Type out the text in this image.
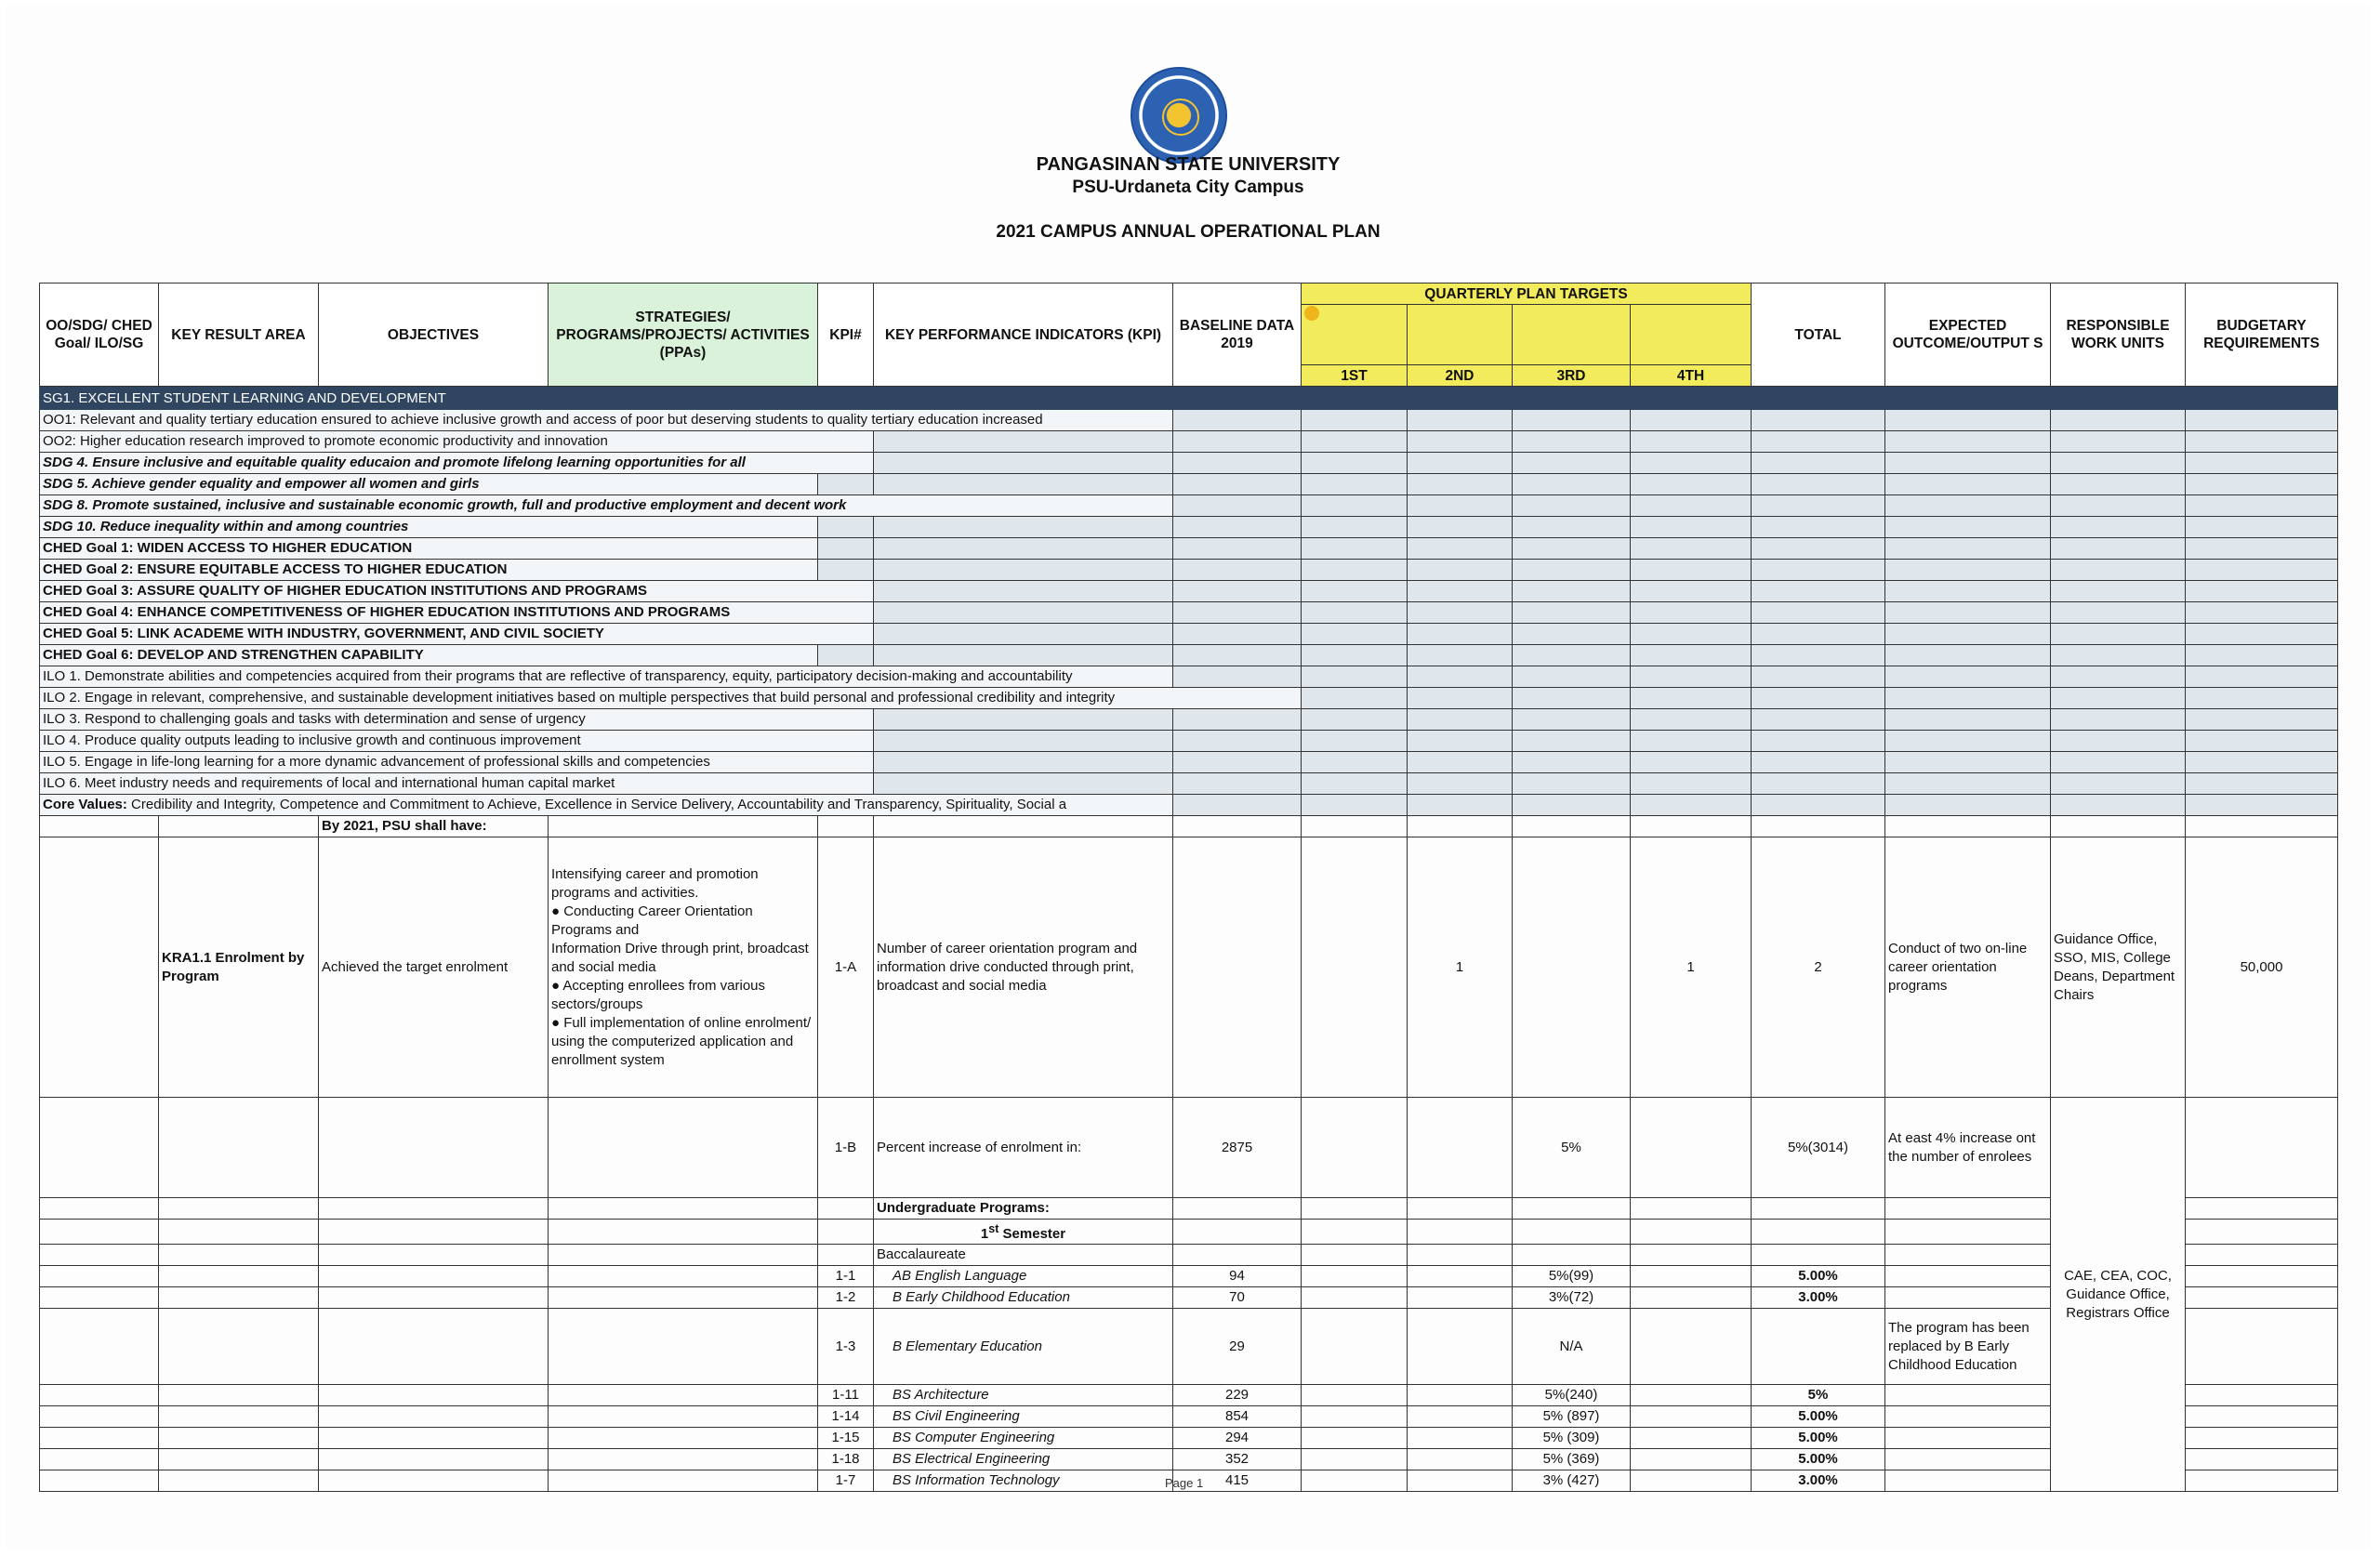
PANGASINAN STATE UNIVERSITY
PSU-Urdaneta City Campus
2021 CAMPUS ANNUAL OPERATIONAL PLAN
OO/SDG/ CHED Goal/ ILO/SG	KEY RESULT AREA	OBJECTIVES	STRATEGIES/ PROGRAMS/PROJECTS/ ACTIVITIES (PPAs)	KPI#	KEY PERFORMANCE INDICATORS (KPI)	BASELINE DATA 2019	QUARTERLY PLAN TARGETS				TOTAL	EXPECTED OUTCOME/OUTPUT S	RESPONSIBLE WORK UNITS	BUDGETARY REQUIREMENTS

							1ST	2ND	3RD	4TH				
SG1. EXCELLENT STUDENT LEARNING AND DEVELOPMENT														
OO1: Relevant and quality tertiary education ensured to achieve inclusive growth and access of poor but deserving students to quality tertiary education increased														
OO2: Higher education research improved to promote economic productivity and innovation														
SDG 4. Ensure inclusive and equitable quality educaion and promote lifelong learning opportunities for all														
SDG 5. Achieve gender equality and empower all women and girls														
SDG 8. Promote sustained, inclusive and sustainable economic growth, full and productive employment and decent work														
SDG 10. Reduce inequality within and among countries														
CHED Goal 1: WIDEN ACCESS TO HIGHER EDUCATION														
CHED Goal 2: ENSURE EQUITABLE ACCESS TO HIGHER EDUCATION														
CHED Goal 3: ASSURE QUALITY OF HIGHER EDUCATION INSTITUTIONS AND PROGRAMS														
CHED Goal 4: ENHANCE COMPETITIVENESS OF HIGHER EDUCATION INSTITUTIONS AND PROGRAMS														
CHED Goal 5: LINK ACADEME WITH INDUSTRY, GOVERNMENT, AND CIVIL SOCIETY														
CHED Goal 6: DEVELOP AND STRENGTHEN CAPABILITY														
ILO 1. Demonstrate abilities and competencies acquired from their programs that are reflective of transparency, equity, participatory decision-making and accountability														
ILO 2. Engage in relevant, comprehensive, and sustainable development initiatives based on multiple perspectives that build personal and professional credibility and integrity														
ILO 3. Respond to challenging goals and tasks with determination and sense of urgency														
ILO 4. Produce quality outputs leading to inclusive growth and continuous improvement														
ILO 5. Engage in life-long learning for a more dynamic advancement of professional skills and competencies														
ILO 6. Meet industry needs and requirements of local and international human capital market														
Core Values: Credibility and Integrity, Competence and Commitment to Achieve, Excellence in Service Delivery, Accountability and Transparency, Spirituality, Social a														
		By 2021, PSU shall have:												
	KRA1.1 Enrolment by Program	Achieved the target enrolment	Intensifying career and promotion programs and activities.
● Conducting Career Orientation Programs and
Information Drive through print, broadcast and social media
● Accepting enrollees from various sectors/groups
● Full implementation of online enrolment/ using the computerized application and enrollment system	1-A	Number of career orientation program and information drive conducted through print, broadcast and social media			1		1	2	Conduct of two on-line career orientation programs	Guidance Office, SSO, MIS, College Deans, Department Chairs	50,000
				1-B	Percent increase of enrolment in:	2875			5%		5%(3014)	At east 4% increase ont the number of enrolees	CAE, CEA, COC, Guidance Office, Registrars Office	
					Undergraduate Programs:									
					1st Semester									
					Baccalaureate									
				1-1	AB English Language	94			5%(99)		5.00%			
				1-2	B Early Childhood Education	70			3%(72)		3.00%			
				1-3	B Elementary Education	29			N/A			The program has been replaced by B Early Childhood Education		
				1-11	BS Architecture	229			5%(240)		5%			
				1-14	BS Civil Engineering	854			5% (897)		5.00%			
				1-15	BS Computer Engineering	294			5% (309)		5.00%			
				1-18	BS Electrical Engineering	352			5% (369)		5.00%			
				1-7	BS Information Technology	415			3% (427)		3.00%			
Page 1
